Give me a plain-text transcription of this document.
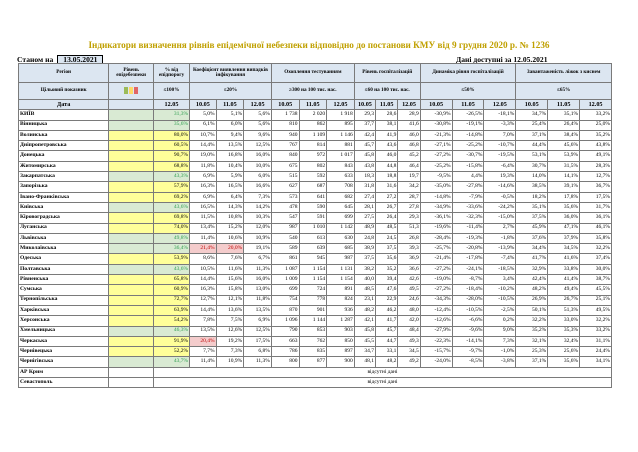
Індикатори визначення рівнів епідемічної небезпеки відповідно до постанови КМУ від 9 грудня 2020 р. № 1236
Станом на 13.05.2021	Дані доступні за 12.05.2021
Регіон	Рівень епідебезпеки	% від епідпорогу	Коефіцієнт виявлення випадків інфікування			Охоплення тестуванням			Рівень госпіталізацій			Динаміка рівня госпіталізацій			Завантаженість ліжок з киснем		
Цільовий показник		≤100%	≤20%			≥300 на 100 тис. нас.			≤60 на 100 тис. нас.			≤50%			≤65%		
Дата		12.05	10.05	11.05	12.05	10.05	11.05	12.05	10.05	11.05	12.05	10.05	11.05	12.05	10.05	11.05	12.05
КИЇВ		31,3%	5,0%	5,1%	5,6%	1 738	2 020	1 918	29,3	28,6	28,9	-30,9%	-26,5%	-18,1%	34,7%	35,1%	33,2%
Вінницька		35,6%	6,1%	6,0%	5,6%	810	862	895	37,7	38,1	41,6	-30,8%	-19,1%	-3,3%	25,4%	26,4%	25,0%
Волинська		80,0%	10,7%	9,4%	9,6%	940	1 109	1 146	42,4	41,9	46,0	-21,3%	-14,8%	7,0%	37,1%	38,4%	35,2%
Дніпропетровська		60,5%	14,4%	13,5%	12,5%	767	814	881	45,7	43,6	46,8	-27,1%	-25,2%	-10,7%	44,4%	45,6%	43,8%
Донецька		90,7%	19,0%	16,8%	16,0%	840	972	1 017	45,8	46,0	45,2	-27,2%	-30,7%	-19,5%	53,1%	53,9%	49,1%
Житомирська		68,8%	11,8%	10,4%	10,0%	675	802	843	43,8	44,8	46,4	-25,2%	-15,8%	-6,4%	30,7%	31,5%	28,3%
Закарпатська		43,3%	6,9%	5,9%	6,0%	515	592	633	18,3	18,8	19,7	-9,5%	4,4%	19,3%	14,0%	14,1%	12,7%
Запорізька		57,9%	16,3%	16,5%	16,6%	627	687	708	31,8	31,6	34,2	-35,0%	-27,8%	-14,6%	38,5%	39,1%	36,7%
Івано-Франківська		69,2%	6,9%	6,4%	7,3%	573	641	682	27,4	27,2	28,7	-14,8%	-7,9%	-0,5%	18,2%	17,8%	17,5%
Київська		43,6%	16,5%	14,3%	14,2%	478	590	645	28,1	26,7	27,8	-34,9%	-33,6%	-24,2%	35,1%	35,6%	31,7%
Кіровоградська		69,8%	11,5%	10,8%	10,3%	547	591	699	27,5	26,4	29,3	-36,1%	-32,3%	-15,0%	37,5%	36,0%	36,1%
Луганська		74,0%	13,4%	15,2%	12,0%	987	1 010	1 142	48,9	48,5	51,3	-19,6%	-11,4%	2,7%	45,9%	47,1%	46,1%
Львівська		49,8%	11,4%	10,6%	10,9%	540	613	630	24,8	24,5	26,8	-28,4%	-19,3%	-1,8%	37,6%	37,9%	35,8%
Миколаївська		36,4%	21,4%	20,0%	19,1%	589	639	685	38,9	37,5	39,3	-25,7%	-20,8%	-13,9%	34,4%	34,5%	32,2%
Одеська		53,9%	8,6%	7,6%	6,7%	861	945	987	37,5	35,6	36,9	-21,4%	-17,8%	-7,4%	41,7%	41,6%	37,4%
Полтавська		43,6%	10,5%	11,6%	11,3%	1 087	1 154	1 131	38,2	35,2	36,6	-27,2%	-24,1%	-18,5%	32,9%	33,8%	30,0%
Рівненська		65,8%	14,4%	15,6%	16,0%	1 009	1 154	1 154	40,0	39,4	42,6	-19,0%	-8,7%	3,4%	42,4%	41,4%	38,7%
Сумська		60,9%	16,3%	15,8%	13,0%	699	724	891	48,5	47,6	49,5	-27,2%	-18,4%	-10,2%	48,2%	49,4%	45,5%
Тернопільська		72,7%	12,7%	12,1%	11,8%	754	778	824	23,1	22,9	24,6	-34,3%	-28,0%	-10,5%	26,9%	26,7%	25,1%
Харківська		63,9%	14,4%	13,6%	13,5%	870	901	936	48,2	46,2	48,0	-12,4%	-10,5%	-2,5%	50,1%	51,3%	49,5%
Херсонська		54,2%	7,8%	7,5%	6,9%	1 096	1 144	1 287	42,1	41,7	42,0	-12,6%	-6,6%	0,2%	32,2%	33,0%	32,2%
Хмельницька		46,3%	13,5%	12,6%	12,5%	790	853	903	45,8	45,7	48,4	-27,9%	-9,6%	9,0%	35,2%	35,3%	33,2%
Черкаська		91,9%	20,4%	19,2%	17,5%	663	762	850	45,5	44,7	49,3	-22,3%	-14,1%	7,3%	32,1%	32,4%	31,1%
Чернівецька		52,2%	7,7%	7,3%	6,8%	786	835	897	34,7	33,1	34,5	-15,7%	-9,7%	-1,0%	25,3%	25,6%	24,4%
Чернігівська		43,7%	11,4%	10,9%	11,3%	800	877	900	48,1	48,2	49,2	-24,0%	-8,5%	-3,8%	37,1%	35,6%	34,1%
АР Крим		відсутні дані															
Севастополь		відсутні дані															
